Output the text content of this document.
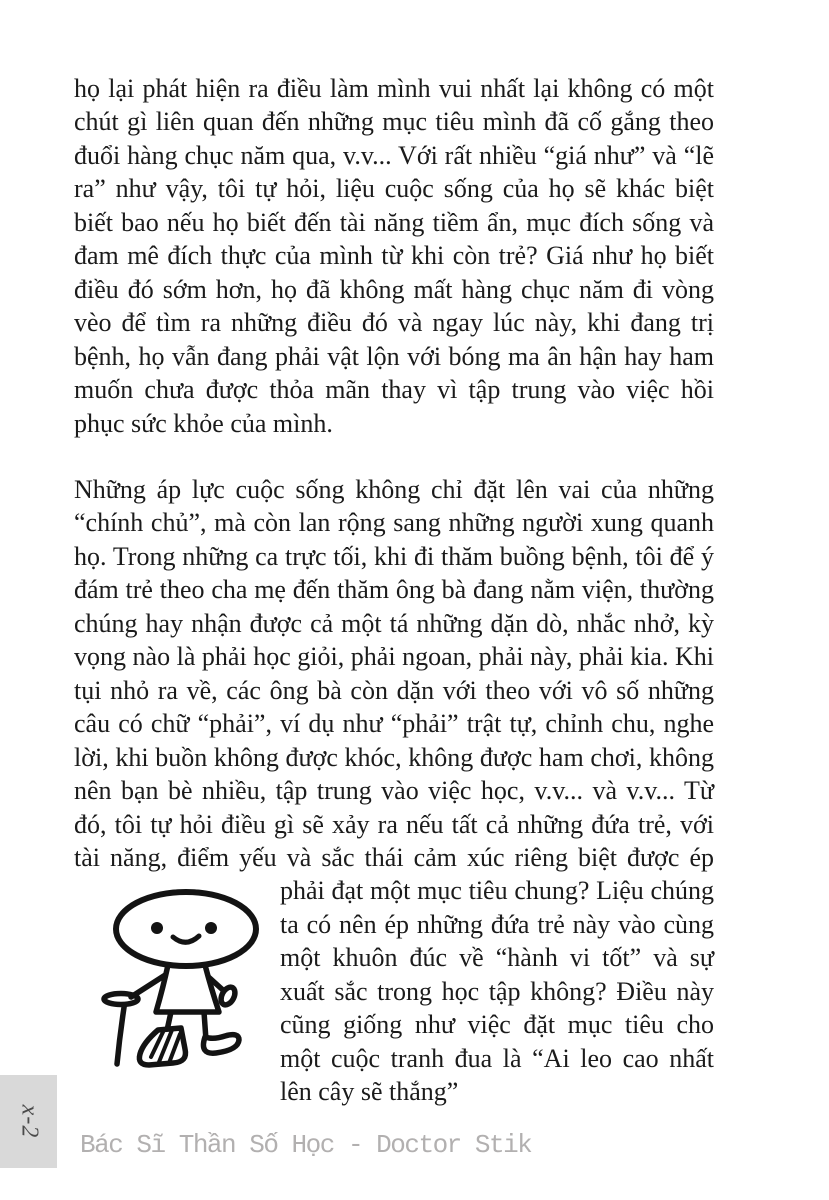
họ lại phát hiện ra điều làm mình vui nhất lại không có một chút gì liên quan đến những mục tiêu mình đã cố gắng theo đuổi hàng chục năm qua, v.v... Với rất nhiều “giá như” và “lẽ ra” như vậy, tôi tự hỏi, liệu cuộc sống của họ sẽ khác biệt biết bao nếu họ biết đến tài năng tiềm ẩn, mục đích sống và đam mê đích thực của mình từ khi còn trẻ? Giá như họ biết điều đó sớm hơn, họ đã không mất hàng chục năm đi vòng vèo để tìm ra những điều đó và ngay lúc này, khi đang trị bệnh, họ vẫn đang phải vật lộn với bóng ma ân hận hay ham muốn chưa được thỏa mãn thay vì tập trung vào việc hồi phục sức khỏe của mình.

Những áp lực cuộc sống không chỉ đặt lên vai của những “chính chủ”, mà còn lan rộng sang những người xung quanh họ. Trong những ca trực tối, khi đi thăm buồng bệnh, tôi để ý đám trẻ theo cha mẹ đến thăm ông bà đang nằm viện, thường chúng hay nhận được cả một tá những dặn dò, nhắc nhở, kỳ vọng nào là phải học giỏi, phải ngoan, phải này, phải kia. Khi tụi nhỏ ra về, các ông bà còn dặn với theo với vô số những câu có chữ “phải”, ví dụ như “phải” trật tự, chỉnh chu, nghe lời, khi buồn không được khóc, không được ham chơi, không nên bạn bè nhiều, tập trung vào việc học, v.v... và v.v... Từ đó, tôi tự hỏi điều gì sẽ xảy ra nếu tất cả những đứa trẻ, với tài năng, điểm yếu và sắc thái cảm xúc riêng biệt được ép phải đạt một mục tiêu chung? Liệu chúng ta có nên ép những đứa trẻ này vào cùng một khuôn đúc về “hành vi tốt” và sự xuất sắc trong học tập không? Điều này cũng giống như việc đặt mục tiêu cho một cuộc tranh đua là “Ai leo cao nhất lên cây sẽ thắng”

x-2
Bác Sĩ Thần Số Học - Doctor Stik
